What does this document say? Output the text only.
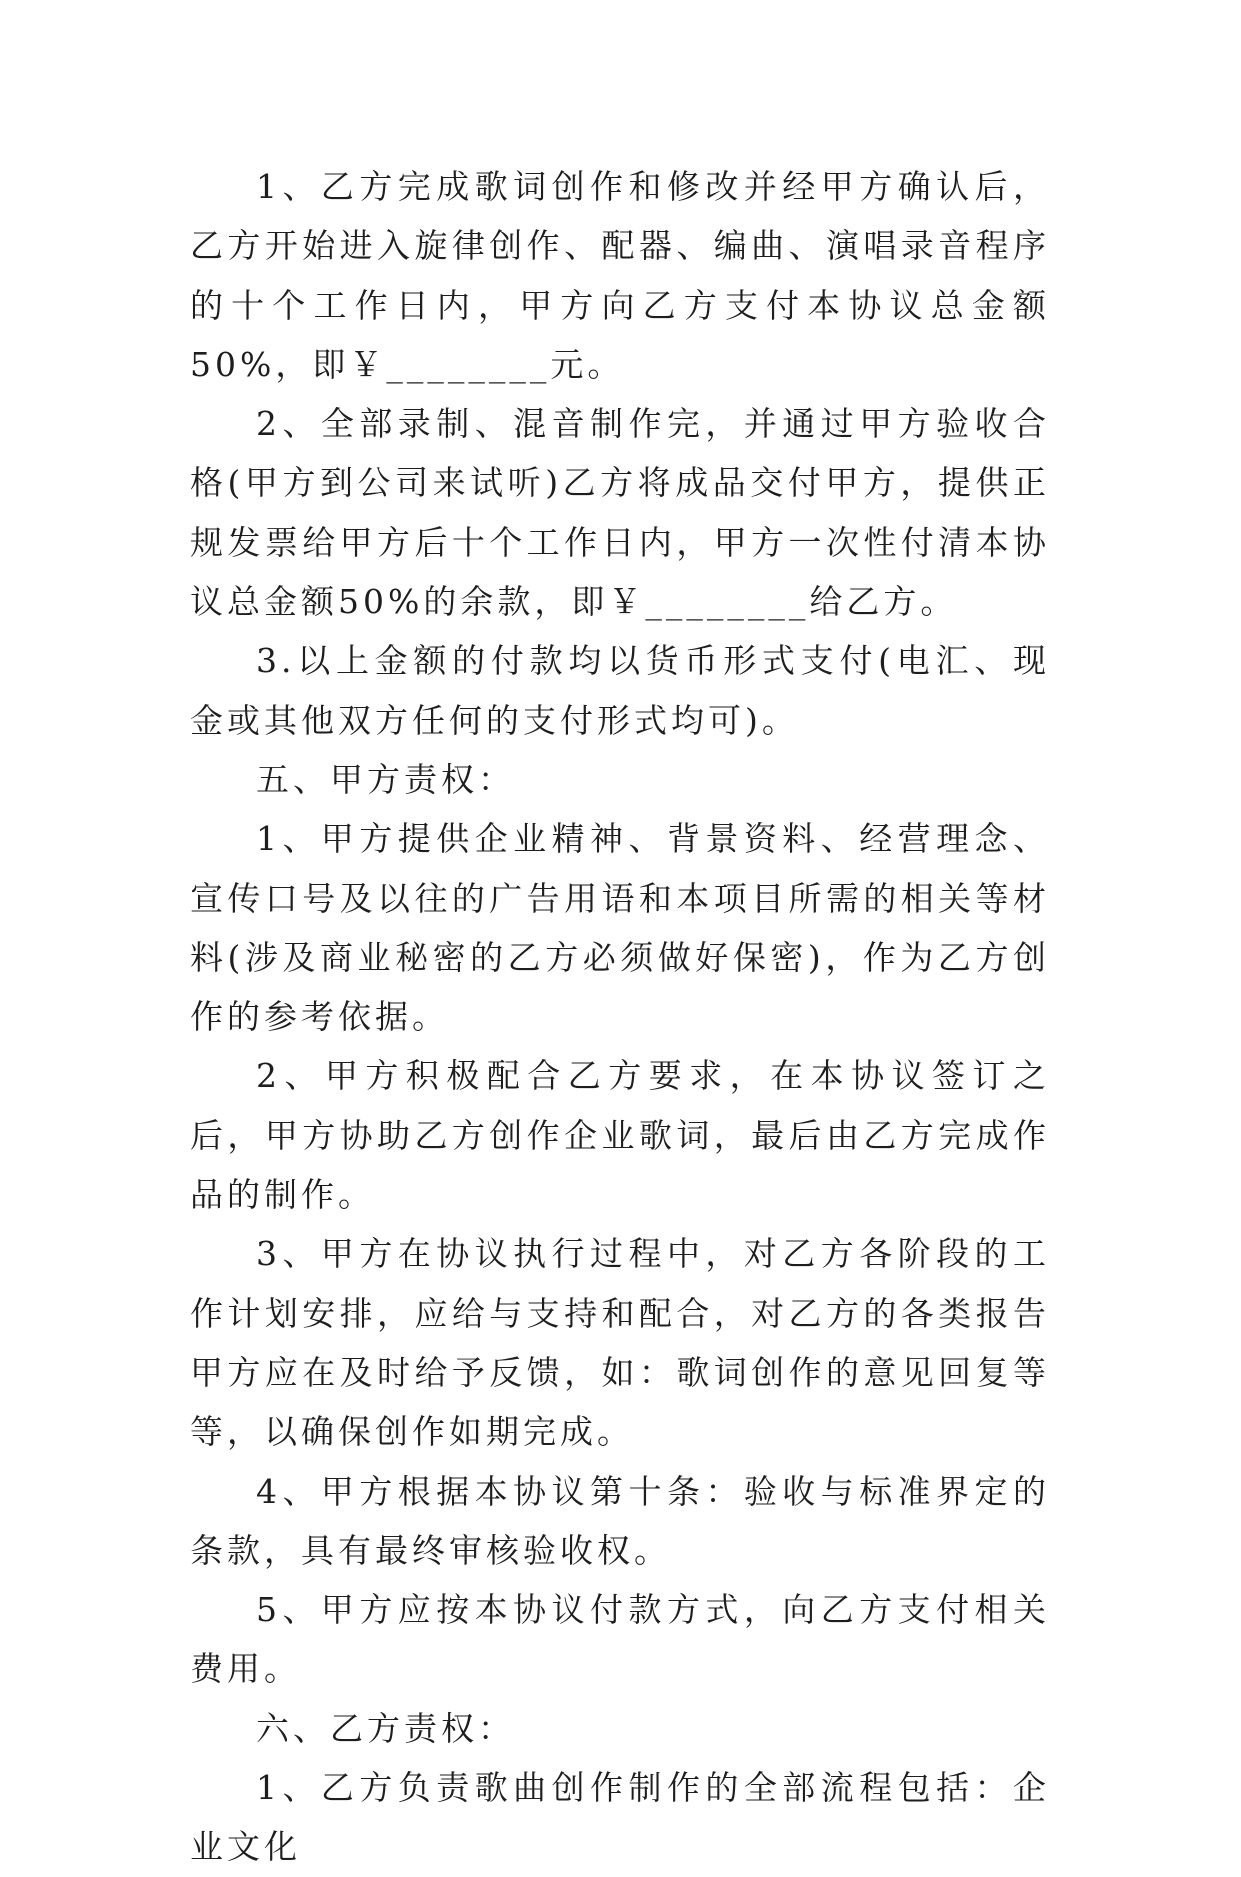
1、乙方完成歌词创作和修改并经甲方确认后，乙方开始进入旋律创作、配器、编曲、演唱录音程序的十个工作日内，甲方向乙方支付本协议总金额50%，即￥________元。

2、全部录制、混音制作完，并通过甲方验收合格(甲方到公司来试听)乙方将成品交付甲方，提供正规发票给甲方后十个工作日内，甲方一次性付清本协议总金额50%的余款，即￥________给乙方。

3.以上金额的付款均以货币形式支付(电汇、现金或其他双方任何的支付形式均可)。

五、甲方责权：

1、甲方提供企业精神、背景资料、经营理念、宣传口号及以往的广告用语和本项目所需的相关等材料(涉及商业秘密的乙方必须做好保密)，作为乙方创作的参考依据。

2、甲方积极配合乙方要求，在本协议签订之后，甲方协助乙方创作企业歌词，最后由乙方完成作品的制作。

3、甲方在协议执行过程中，对乙方各阶段的工作计划安排，应给与支持和配合，对乙方的各类报告甲方应在及时给予反馈，如：歌词创作的意见回复等等，以确保创作如期完成。

4、甲方根据本协议第十条：验收与标准界定的条款，具有最终审核验收权。

5、甲方应按本协议付款方式，向乙方支付相关费用。

六、乙方责权：

1、乙方负责歌曲创作制作的全部流程包括：企业文化
